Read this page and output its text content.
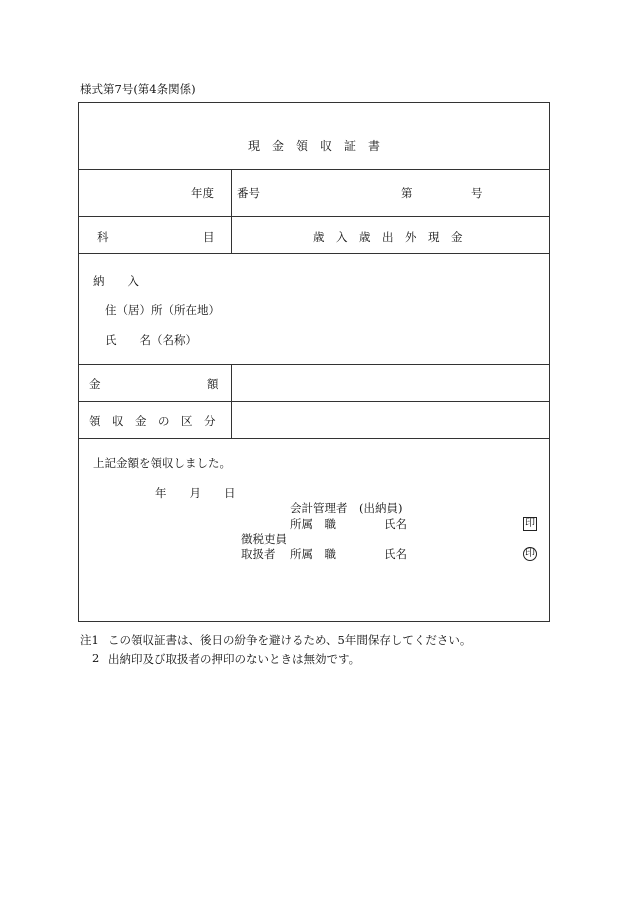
様式第7号(第4条関係)
現　金　領　収　証　書
年度 番号	第	号
科	目	歳　入　歳　出　外　現　金
納　　入
住（居）所（所在地）
氏　　名（名称）
金	額
領　収　金　の　区　分
上記金額を領収しました。
年　　月　　日
会計管理者　(出納員)
所属　職	氏名	印
徴税吏員
取扱者 所属　職	氏名	印
注1 この領収証書は、後日の紛争を避けるため、5年間保存してください。
2 出納印及び取扱者の押印のないときは無効です。
